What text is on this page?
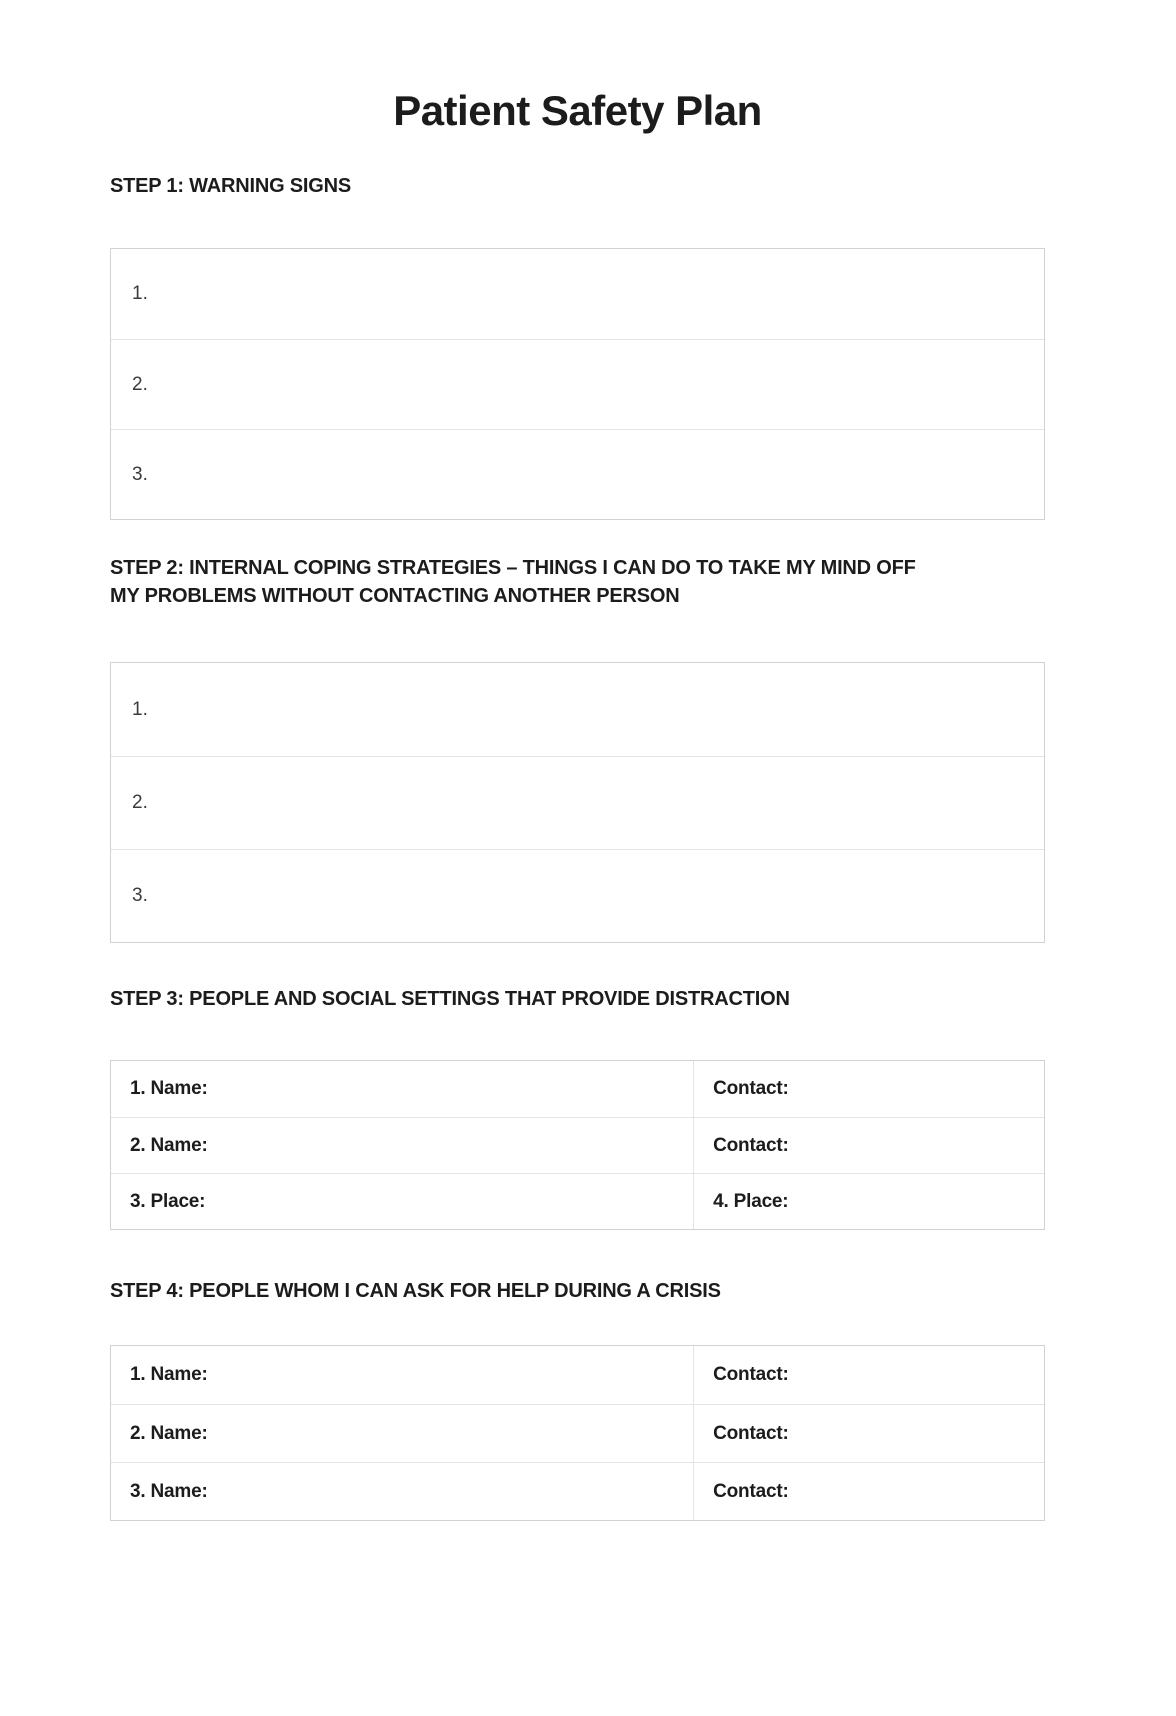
Patient Safety Plan
STEP 1: WARNING SIGNS
1.
2.
3.
STEP 2: INTERNAL COPING STRATEGIES – THINGS I CAN DO TO TAKE MY MIND OFF
MY PROBLEMS WITHOUT CONTACTING ANOTHER PERSON
1.
2.
3.
STEP 3: PEOPLE AND SOCIAL SETTINGS THAT PROVIDE DISTRACTION
1. Name:	Contact:
2. Name:	Contact:
3. Place:	4. Place:
STEP 4: PEOPLE WHOM I CAN ASK FOR HELP DURING A CRISIS
1. Name:	Contact:
2. Name:	Contact:
3. Name:	Contact:
